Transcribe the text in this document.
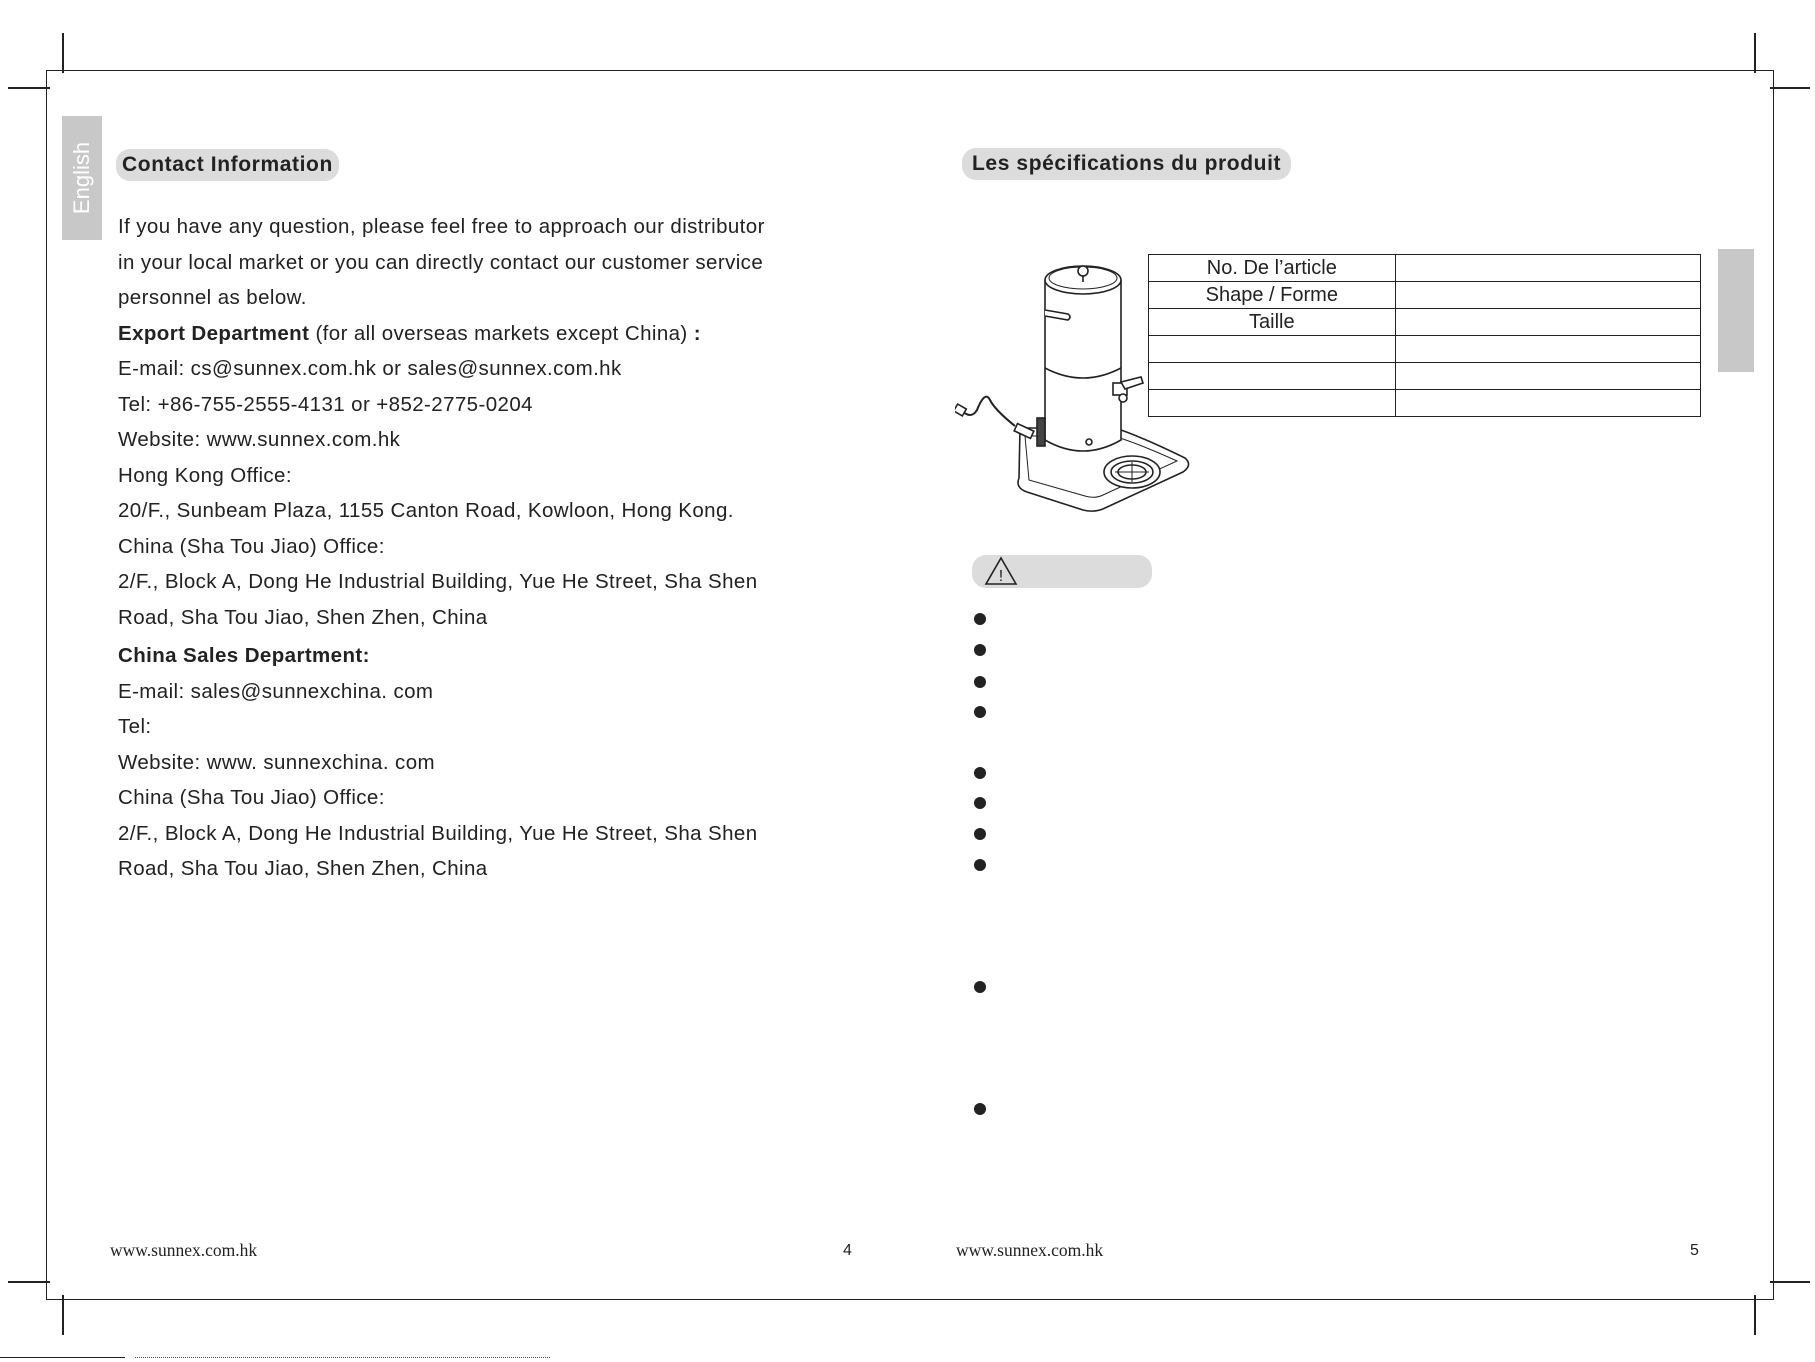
English Contact Information
If you have any question, please feel free to approach our distributor
in your local market or you can directly contact our customer service
personnel as below.
Export Department (for all overseas markets except China) :
E-mail: cs@sunnex.com.hk or sales@sunnex.com.hk
Tel: +86-755-2555-4131 or +852-2775-0204
Website: www.sunnex.com.hk
Hong Kong Office:
20/F., Sunbeam Plaza, 1155 Canton Road, Kowloon, Hong Kong.
China (Sha Tou Jiao) Office:
2/F., Block A, Dong He Industrial Building, Yue He Street, Sha Shen
Road, Sha Tou Jiao, Shen Zhen, China
China Sales Department:
E-mail: sales@sunnexchina. com
Tel:
Website: www. sunnexchina. com
China (Sha Tou Jiao) Office:
2/F., Block A, Dong He Industrial Building, Yue He Street, Sha Shen
Road, Sha Tou Jiao, Shen Zhen, China
www.sunnex.com.hk	4
Les spécifications du produit
No. De l’article	
Shape / Forme	
Taille	

!
www.sunnex.com.hk	5
